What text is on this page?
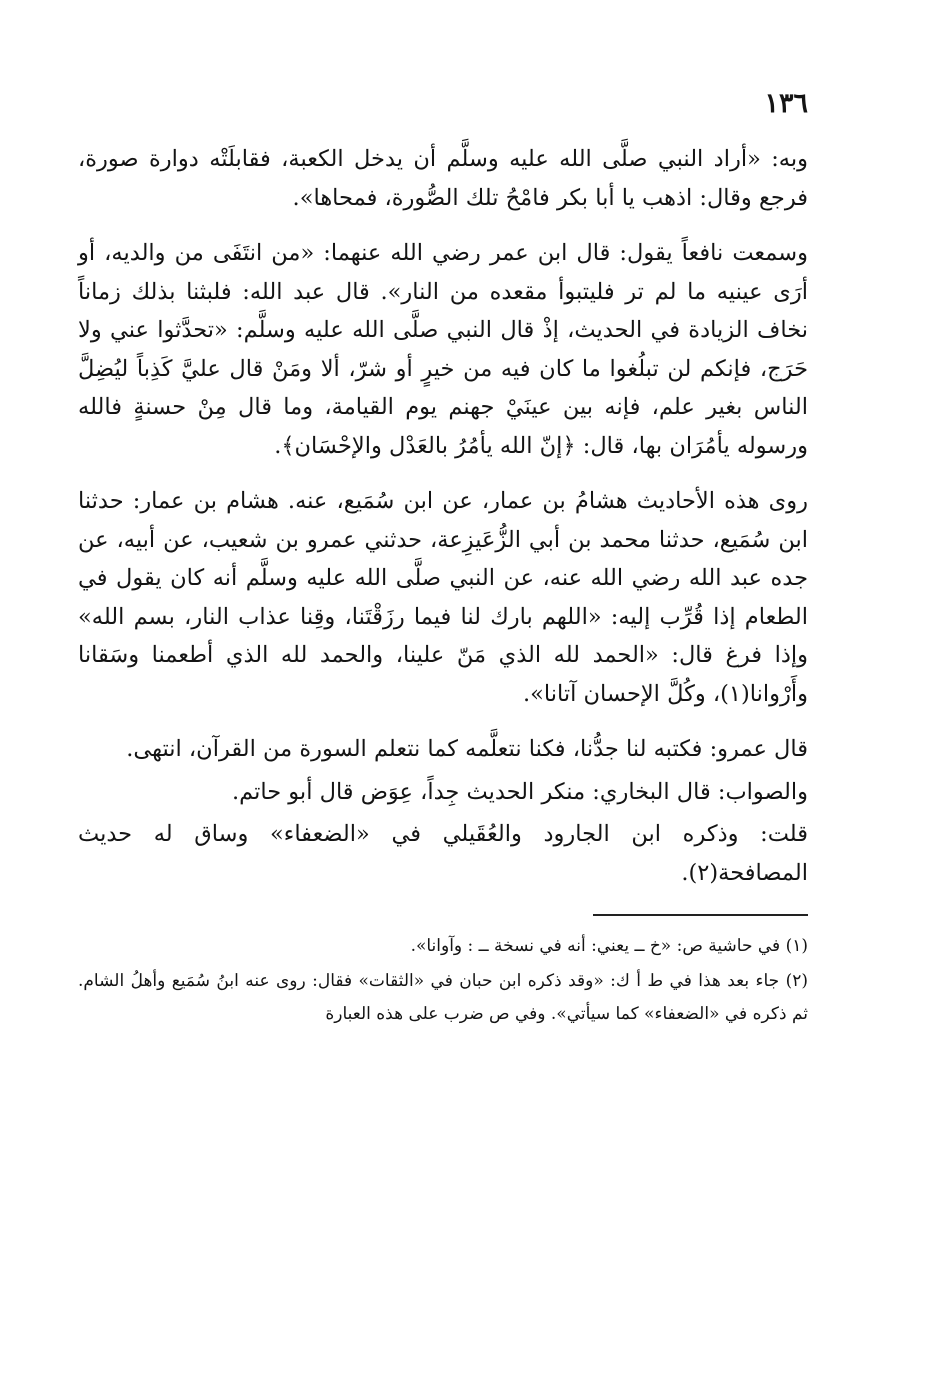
١٣٦

وبه: «أراد النبي صلَّى الله عليه وسلَّم أن يدخل الكعبة، فقابلَتْه دوارة صورة، فرجع وقال: اذهب يا أبا بكر فامْحُ تلك الصُّورة، فمحاها».

وسمعت نافعاً يقول: قال ابن عمر رضي الله عنهما: «من انتَفَى من والديه، أو أرَى عينيه ما لم تر فليتبوأ مقعده من النار». قال عبد الله: فلبثنا بذلك زماناً نخاف الزيادة في الحديث، إذْ قال النبي صلَّى الله عليه وسلَّم: «تحدَّثوا عني ولا حَرَج، فإنكم لن تبلُغوا ما كان فيه من خيرٍ أو شرّ، ألا ومَنْ قال عليَّ كَذِباً ليُضِلَّ الناس بغير علم، فإنه بين عينَيْ جهنم يوم القيامة، وما قال مِنْ حسنةٍ فالله ورسوله يأمُرَان بها، قال: ﴿إنّ الله يأمُرُ بالعَدْل والإحْسَان﴾.

روى هذه الأحاديث هشامُ بن عمار، عن ابن سُمَيع، عنه. هشام بن عمار: حدثنا ابن سُمَيع، حدثنا محمد بن أبي الزُّعَيزِعة، حدثني عمرو بن شعيب، عن أبيه، عن جده عبد الله رضي الله عنه، عن النبي صلَّى الله عليه وسلَّم أنه كان يقول في الطعام إذا قُرِّب إليه: «اللهم بارك لنا فيما رزَقْتَنا، وقِنا عذاب النار، بسم الله» وإذا فرغ قال: «الحمد لله الذي مَنّ علينا، والحمد لله الذي أطعمنا وسَقانا وأَرْوانا(١)، وكُلَّ الإحسان آتانا».

قال عمرو: فكتبه لنا جدُّنا، فكنا نتعلَّمه كما نتعلم السورة من القرآن، انتهى.

والصواب: قال البخاري: منكر الحديث جِداً، عِوَض قال أبو حاتم.

قلت: وذكره ابن الجارود والعُقَيلي في «الضعفاء» وساق له حديث المصافحة(٢).

(١) في حاشية ص: «خ ــ يعني: أنه في نسخة ــ : وآوانا».

(٢) جاء بعد هذا في ط أ ك: «وقد ذكره ابن حبان في «الثقات» فقال: روى عنه ابنُ سُمَيع وأهلُ الشام. ثم ذكره في «الضعفاء» كما سيأتي». وفي ص ضرب على هذه العبارة
